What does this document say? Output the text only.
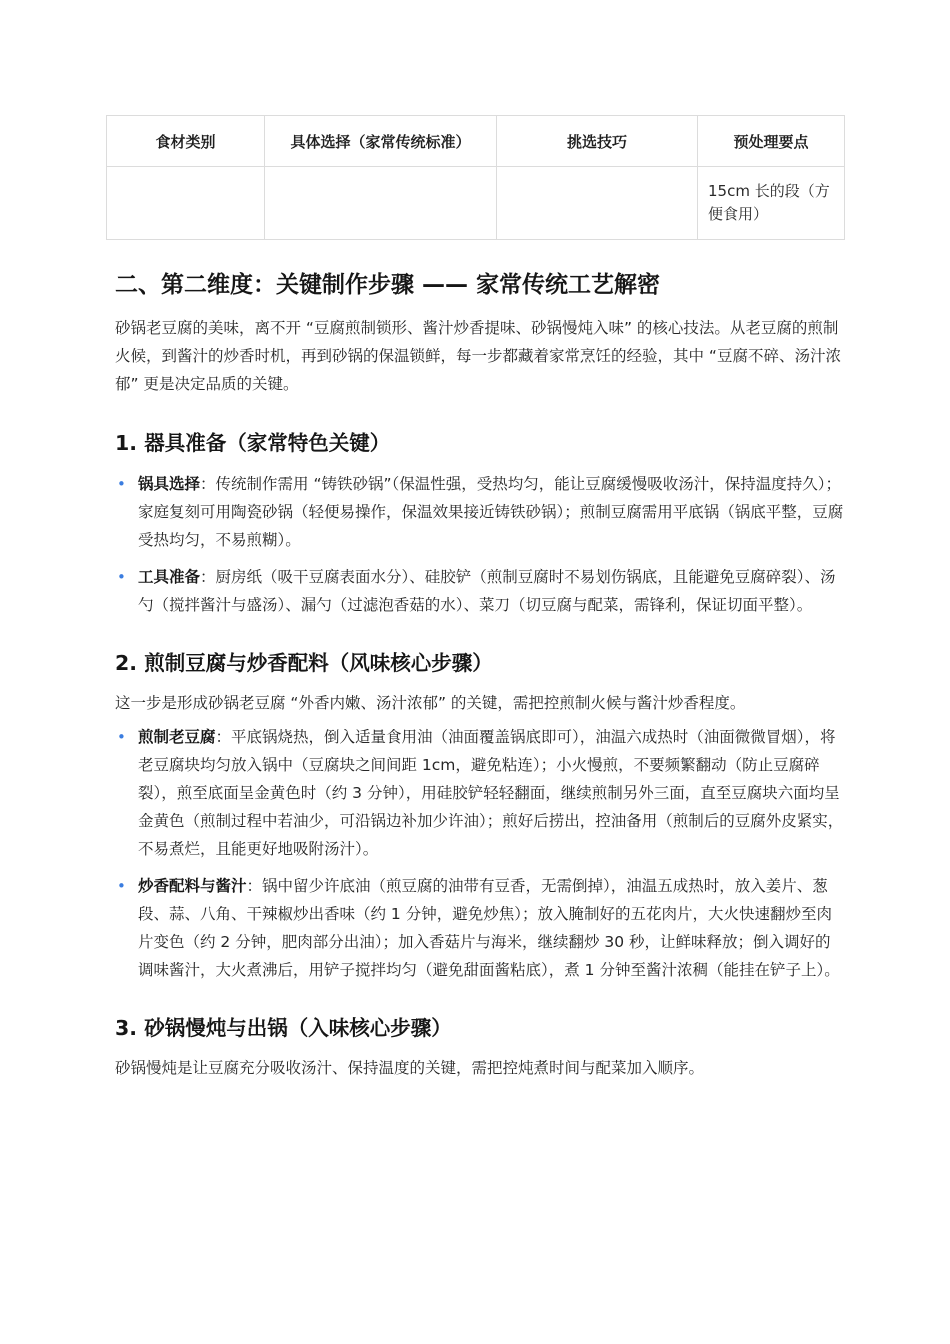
食材类别	具体选择（家常传统标准）	挑选技巧	预处理要点
			15cm 长的段（方便食用）
二、第二维度：关键制作步骤 —— 家常传统工艺解密

砂锅老豆腐的美味，离不开 “豆腐煎制锁形、酱汁炒香提味、砂锅慢炖入味” 的核心技法。从老豆腐的煎制火候，到酱汁的炒香时机，再到砂锅的保温锁鲜，每一步都藏着家常烹饪的经验，其中 “豆腐不碎、汤汁浓郁” 更是决定品质的关键。

1. 器具准备（家常特色关键）
• 锅具选择：传统制作需用 “铸铁砂锅”（保温性强，受热均匀，能让豆腐缓慢吸收汤汁，保持温度持久）；家庭复刻可用陶瓷砂锅（轻便易操作，保温效果接近铸铁砂锅）；煎制豆腐需用平底锅（锅底平整，豆腐受热均匀，不易煎糊）。
• 工具准备：厨房纸（吸干豆腐表面水分）、硅胶铲（煎制豆腐时不易划伤锅底，且能避免豆腐碎裂）、汤勺（搅拌酱汁与盛汤）、漏勺（过滤泡香菇的水）、菜刀（切豆腐与配菜，需锋利，保证切面平整）。
2. 煎制豆腐与炒香配料（风味核心步骤）

这一步是形成砂锅老豆腐 “外香内嫩、汤汁浓郁” 的关键，需把控煎制火候与酱汁炒香程度。

• 煎制老豆腐：平底锅烧热，倒入适量食用油（油面覆盖锅底即可），油温六成热时（油面微微冒烟），将老豆腐块均匀放入锅中（豆腐块之间间距 1cm，避免粘连）；小火慢煎，不要频繁翻动（防止豆腐碎裂），煎至底面呈金黄色时（约 3 分钟），用硅胶铲轻轻翻面，继续煎制另外三面，直至豆腐块六面均呈金黄色（煎制过程中若油少，可沿锅边补加少许油）；煎好后捞出，控油备用（煎制后的豆腐外皮紧实，不易煮烂，且能更好地吸附汤汁）。
• 炒香配料与酱汁：锅中留少许底油（煎豆腐的油带有豆香，无需倒掉），油温五成热时，放入姜片、葱段、蒜、八角、干辣椒炒出香味（约 1 分钟，避免炒焦）；放入腌制好的五花肉片，大火快速翻炒至肉片变色（约 2 分钟，肥肉部分出油）；加入香菇片与海米，继续翻炒 30 秒，让鲜味释放；倒入调好的调味酱汁，大火煮沸后，用铲子搅拌均匀（避免甜面酱粘底），煮 1 分钟至酱汁浓稠（能挂在铲子上）。
3. 砂锅慢炖与出锅（入味核心步骤）

砂锅慢炖是让豆腐充分吸收汤汁、保持温度的关键，需把控炖煮时间与配菜加入顺序。
